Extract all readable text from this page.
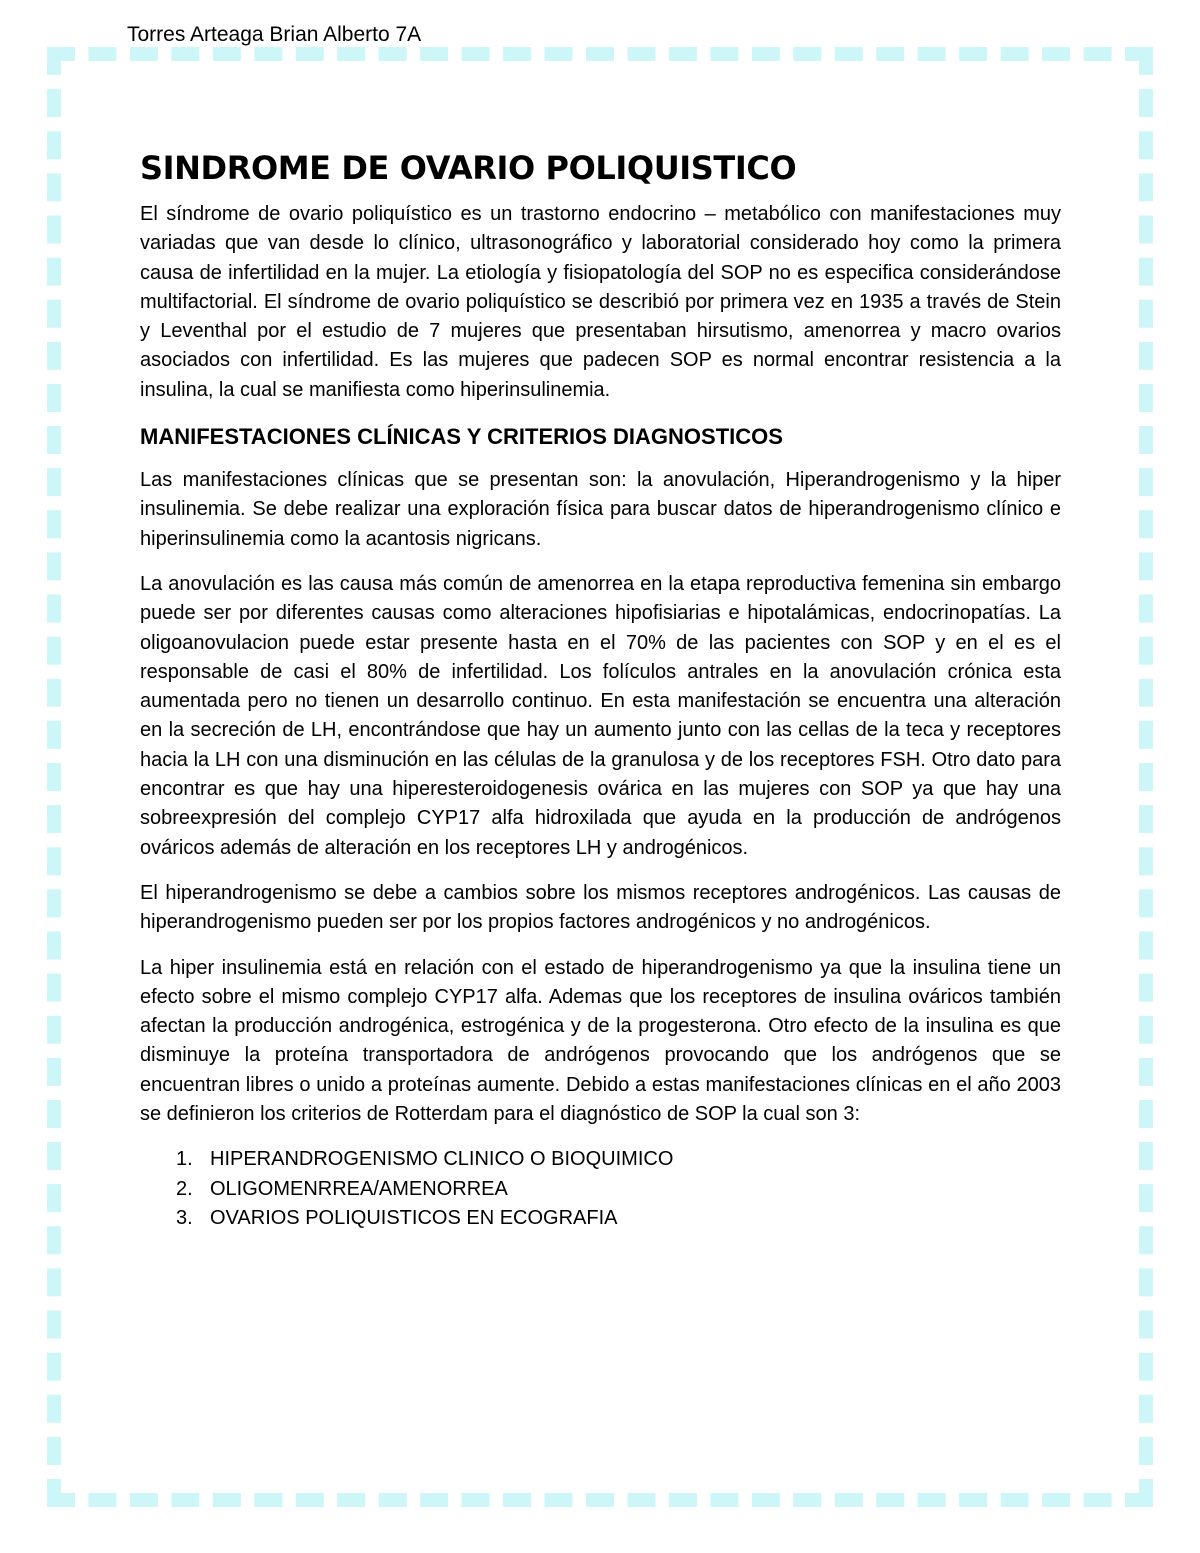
Torres Arteaga Brian Alberto 7A
SINDROME DE OVARIO POLIQUISTICO

El síndrome de ovario poliquístico es un trastorno endocrino – metabólico con manifestaciones muy variadas que van desde lo clínico, ultrasonográfico y laboratorial considerado hoy como la primera causa de infertilidad en la mujer. La etiología y fisiopatología del SOP no es especifica considerándose multifactorial. El síndrome de ovario poliquístico se describió por primera vez en 1935 a través de Stein y Leventhal por el estudio de 7 mujeres que presentaban hirsutismo, amenorrea y macro ovarios asociados con infertilidad. Es las mujeres que padecen SOP es normal encontrar resistencia a la insulina, la cual se manifiesta como hiperinsulinemia.

MANIFESTACIONES CLÍNICAS Y CRITERIOS DIAGNOSTICOS

Las manifestaciones clínicas que se presentan son: la anovulación, Hiperandrogenismo y la hiper insulinemia. Se debe realizar una exploración física para buscar datos de hiperandrogenismo clínico e hiperinsulinemia como la acantosis nigricans.

La anovulación es las causa más común de amenorrea en la etapa reproductiva femenina sin embargo puede ser por diferentes causas como alteraciones hipofisiarias e hipotalámicas, endocrinopatías. La oligoanovulacion puede estar presente hasta en el 70% de las pacientes con SOP y en el es el responsable de casi el 80% de infertilidad. Los folículos antrales en la anovulación crónica esta aumentada pero no tienen un desarrollo continuo. En esta manifestación se encuentra una alteración en la secreción de LH, encontrándose que hay un aumento junto con las cellas de la teca y receptores hacia la LH con una disminución en las células de la granulosa y de los receptores FSH. Otro dato para encontrar es que hay una hiperesteroidogenesis ovárica en las mujeres con SOP ya que hay una sobreexpresión del complejo CYP17 alfa hidroxilada que ayuda en la producción de andrógenos ováricos además de alteración en los receptores LH y androgénicos.

El hiperandrogenismo se debe a cambios sobre los mismos receptores androgénicos. Las causas de hiperandrogenismo pueden ser por los propios factores androgénicos y no androgénicos.

La hiper insulinemia está en relación con el estado de hiperandrogenismo ya que la insulina tiene un efecto sobre el mismo complejo CYP17 alfa. Ademas que los receptores de insulina ováricos también afectan la producción androgénica, estrogénica y de la progesterona. Otro efecto de la insulina es que disminuye la proteína transportadora de andrógenos provocando que los andrógenos que se encuentran libres o unido a proteínas aumente. Debido a estas manifestaciones clínicas en el año 2003 se definieron los criterios de Rotterdam para el diagnóstico de SOP la cual son 3:

1. HIPERANDROGENISMO CLINICO O BIOQUIMICO
2. OLIGOMENRREA/AMENORREA
3. OVARIOS POLIQUISTICOS EN ECOGRAFIA
